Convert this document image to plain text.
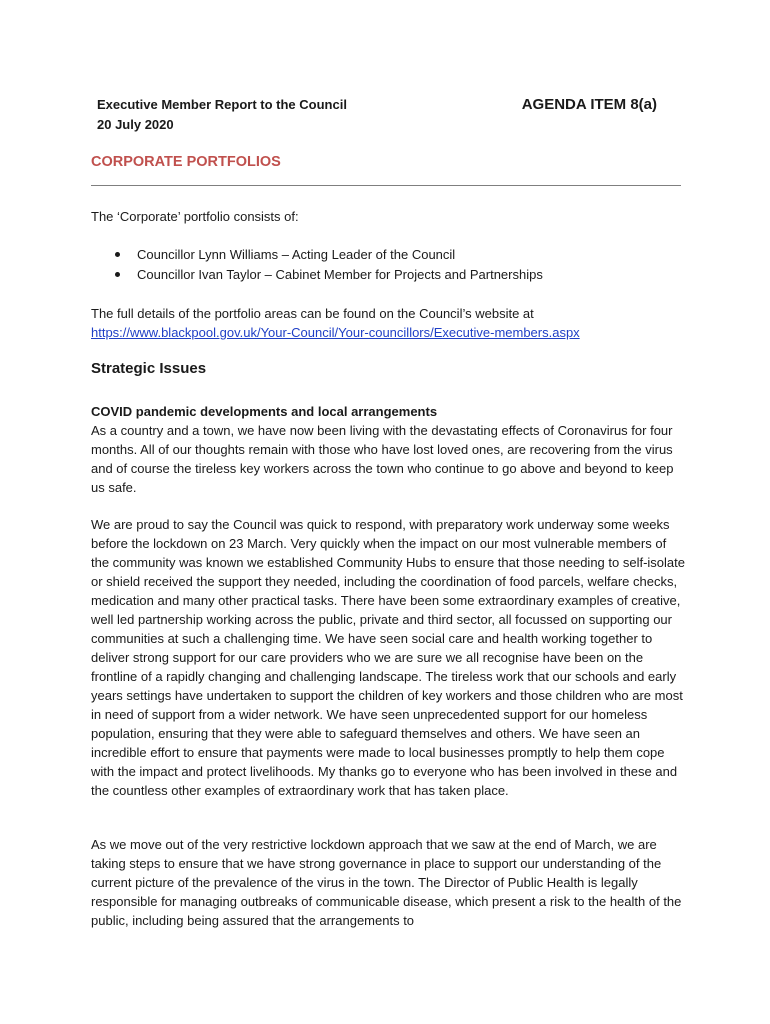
Executive Member Report to the Council
20 July 2020
AGENDA ITEM 8(a)
CORPORATE PORTFOLIOS

The ‘Corporate’ portfolio consists of:

Councillor Lynn Williams – Acting Leader of the Council
Councillor Ivan Taylor – Cabinet Member for Projects and Partnerships

The full details of the portfolio areas can be found on the Council’s website at
https://www.blackpool.gov.uk/Your-Council/Your-councillors/Executive-members.aspx

Strategic Issues

COVID pandemic developments and local arrangements
As a country and a town, we have now been living with the devastating effects of Coronavirus for four months. All of our thoughts remain with those who have lost loved ones, are recovering from the virus and of course the tireless key workers across the town who continue to go above and beyond to keep us safe.

We are proud to say the Council was quick to respond, with preparatory work underway some weeks before the lockdown on 23 March. Very quickly when the impact on our most vulnerable members of the community was known we established Community Hubs to ensure that those needing to self-isolate or shield received the support they needed, including the coordination of food parcels, welfare checks, medication and many other practical tasks. There have been some extraordinary examples of creative, well led partnership working across the public, private and third sector, all focussed on supporting our communities at such a challenging time. We have seen social care and health working together to deliver strong support for our care providers who we are sure we all recognise have been on the frontline of a rapidly changing and challenging landscape. The tireless work that our schools and early years settings have undertaken to support the children of key workers and those children who are most in need of support from a wider network. We have seen unprecedented support for our homeless population, ensuring that they were able to safeguard themselves and others. We have seen an incredible effort to ensure that payments were made to local businesses promptly to help them cope with the impact and protect livelihoods. My thanks go to everyone who has been involved in these and the countless other examples of extraordinary work that has taken place.

As we move out of the very restrictive lockdown approach that we saw at the end of March, we are taking steps to ensure that we have strong governance in place to support our understanding of the current picture of the prevalence of the virus in the town. The Director of Public Health is legally responsible for managing outbreaks of communicable disease, which present a risk to the health of the public, including being assured that the arrangements to
